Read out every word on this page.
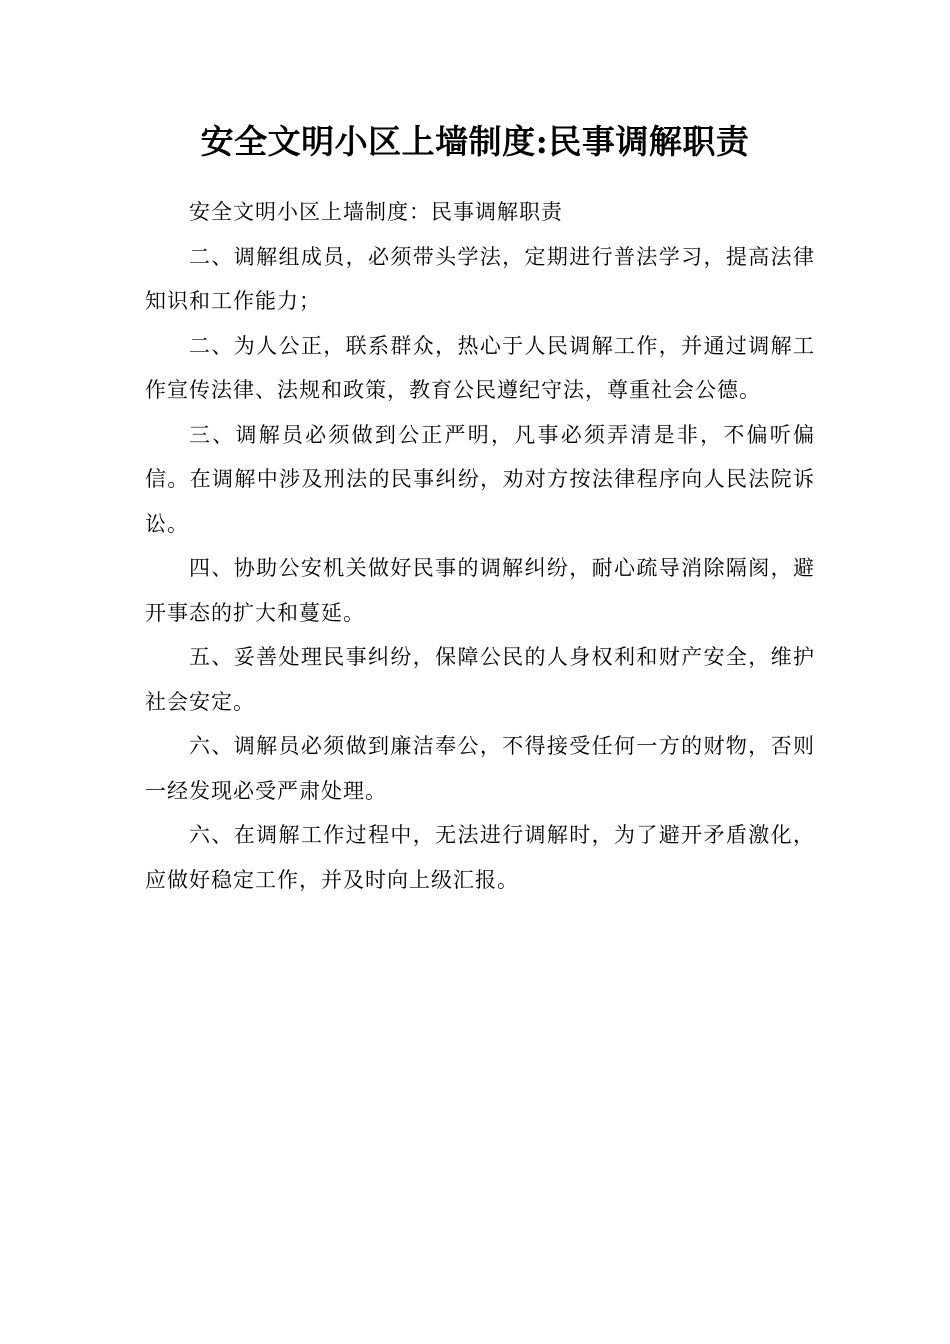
安全文明小区上墙制度:民事调解职责

安全文明小区上墙制度：民事调解职责

二、调解组成员，必须带头学法，定期进行普法学习，提高法律知识和工作能力；

二、为人公正，联系群众，热心于人民调解工作，并通过调解工作宣传法律、法规和政策，教育公民遵纪守法，尊重社会公德。

三、调解员必须做到公正严明，凡事必须弄清是非，不偏听偏信。在调解中涉及刑法的民事纠纷，劝对方按法律程序向人民法院诉讼。

四、协助公安机关做好民事的调解纠纷，耐心疏导消除隔阂，避开事态的扩大和蔓延。

五、妥善处理民事纠纷，保障公民的人身权利和财产安全，维护社会安定。

六、调解员必须做到廉洁奉公，不得接受任何一方的财物，否则一经发现必受严肃处理。

六、在调解工作过程中，无法进行调解时，为了避开矛盾激化，应做好稳定工作，并及时向上级汇报。
